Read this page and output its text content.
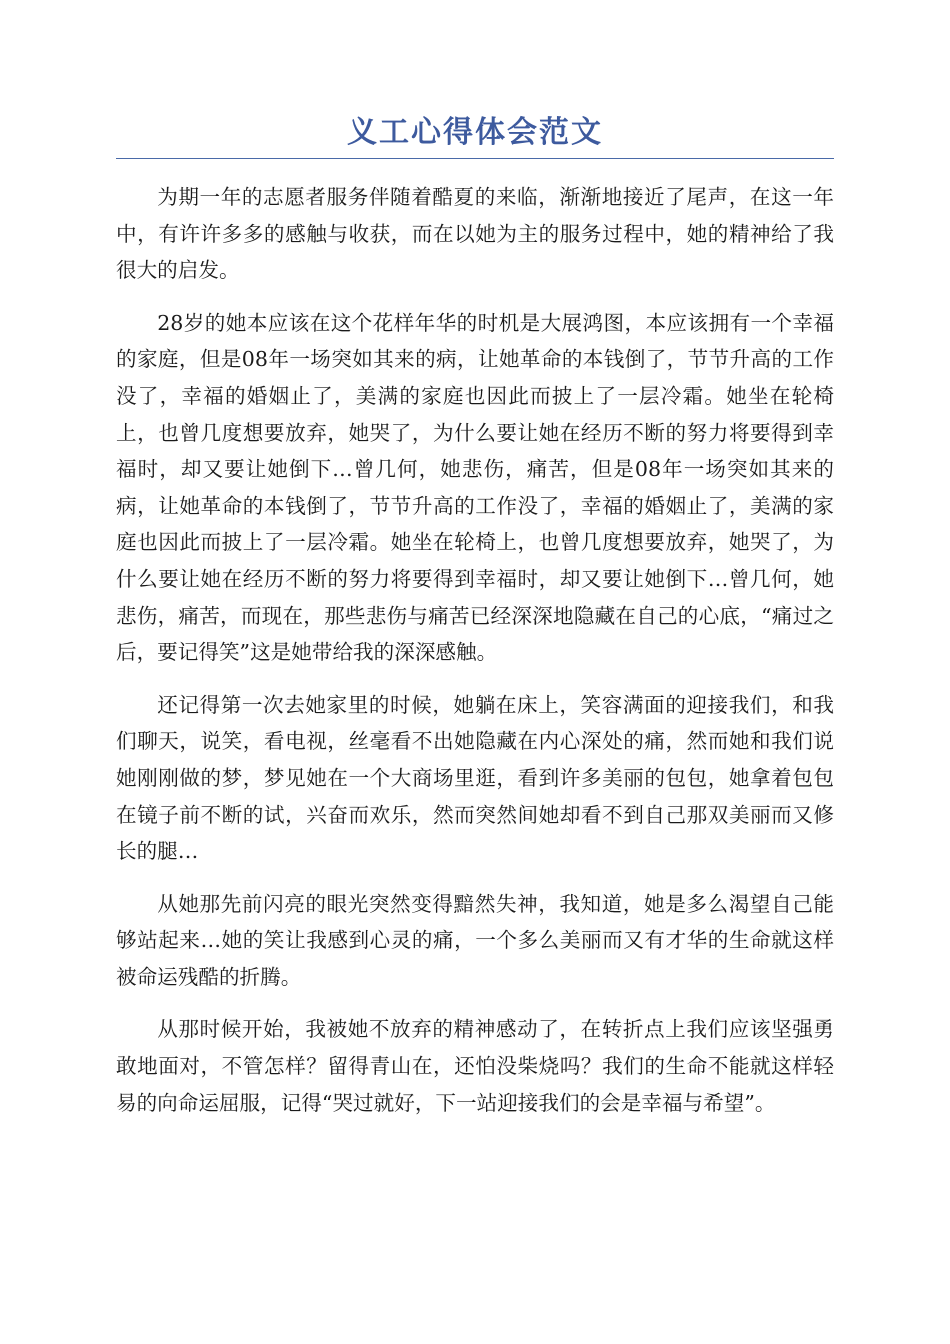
义工心得体会范文

为期一年的志愿者服务伴随着酷夏的来临，渐渐地接近了尾声，在这一年中，有许许多多的感触与收获，而在以她为主的服务过程中，她的精神给了我很大的启发。

28岁的她本应该在这个花样年华的时机是大展鸿图，本应该拥有一个幸福的家庭，但是08年一场突如其来的病，让她革命的本钱倒了，节节升高的工作没了，幸福的婚姻止了，美满的家庭也因此而披上了一层冷霜。她坐在轮椅上，也曾几度想要放弃，她哭了，为什么要让她在经历不断的努力将要得到幸福时，却又要让她倒下…曾几何，她悲伤，痛苦，但是08年一场突如其来的病，让她革命的本钱倒了，节节升高的工作没了，幸福的婚姻止了，美满的家庭也因此而披上了一层冷霜。她坐在轮椅上，也曾几度想要放弃，她哭了，为什么要让她在经历不断的努力将要得到幸福时，却又要让她倒下…曾几何，她悲伤，痛苦，而现在，那些悲伤与痛苦已经深深地隐藏在自己的心底，“痛过之后，要记得笑”这是她带给我的深深感触。

还记得第一次去她家里的时候，她躺在床上，笑容满面的迎接我们，和我们聊天，说笑，看电视，丝毫看不出她隐藏在内心深处的痛，然而她和我们说她刚刚做的梦，梦见她在一个大商场里逛，看到许多美丽的包包，她拿着包包在镜子前不断的试，兴奋而欢乐，然而突然间她却看不到自己那双美丽而又修长的腿…

从她那先前闪亮的眼光突然变得黯然失神，我知道，她是多么渴望自己能够站起来…她的笑让我感到心灵的痛，一个多么美丽而又有才华的生命就这样被命运残酷的折腾。

从那时候开始，我被她不放弃的精神感动了，在转折点上我们应该坚强勇敢地面对，不管怎样？留得青山在，还怕没柴烧吗？我们的生命不能就这样轻易的向命运屈服，记得“哭过就好，下一站迎接我们的会是幸福与希望”。
